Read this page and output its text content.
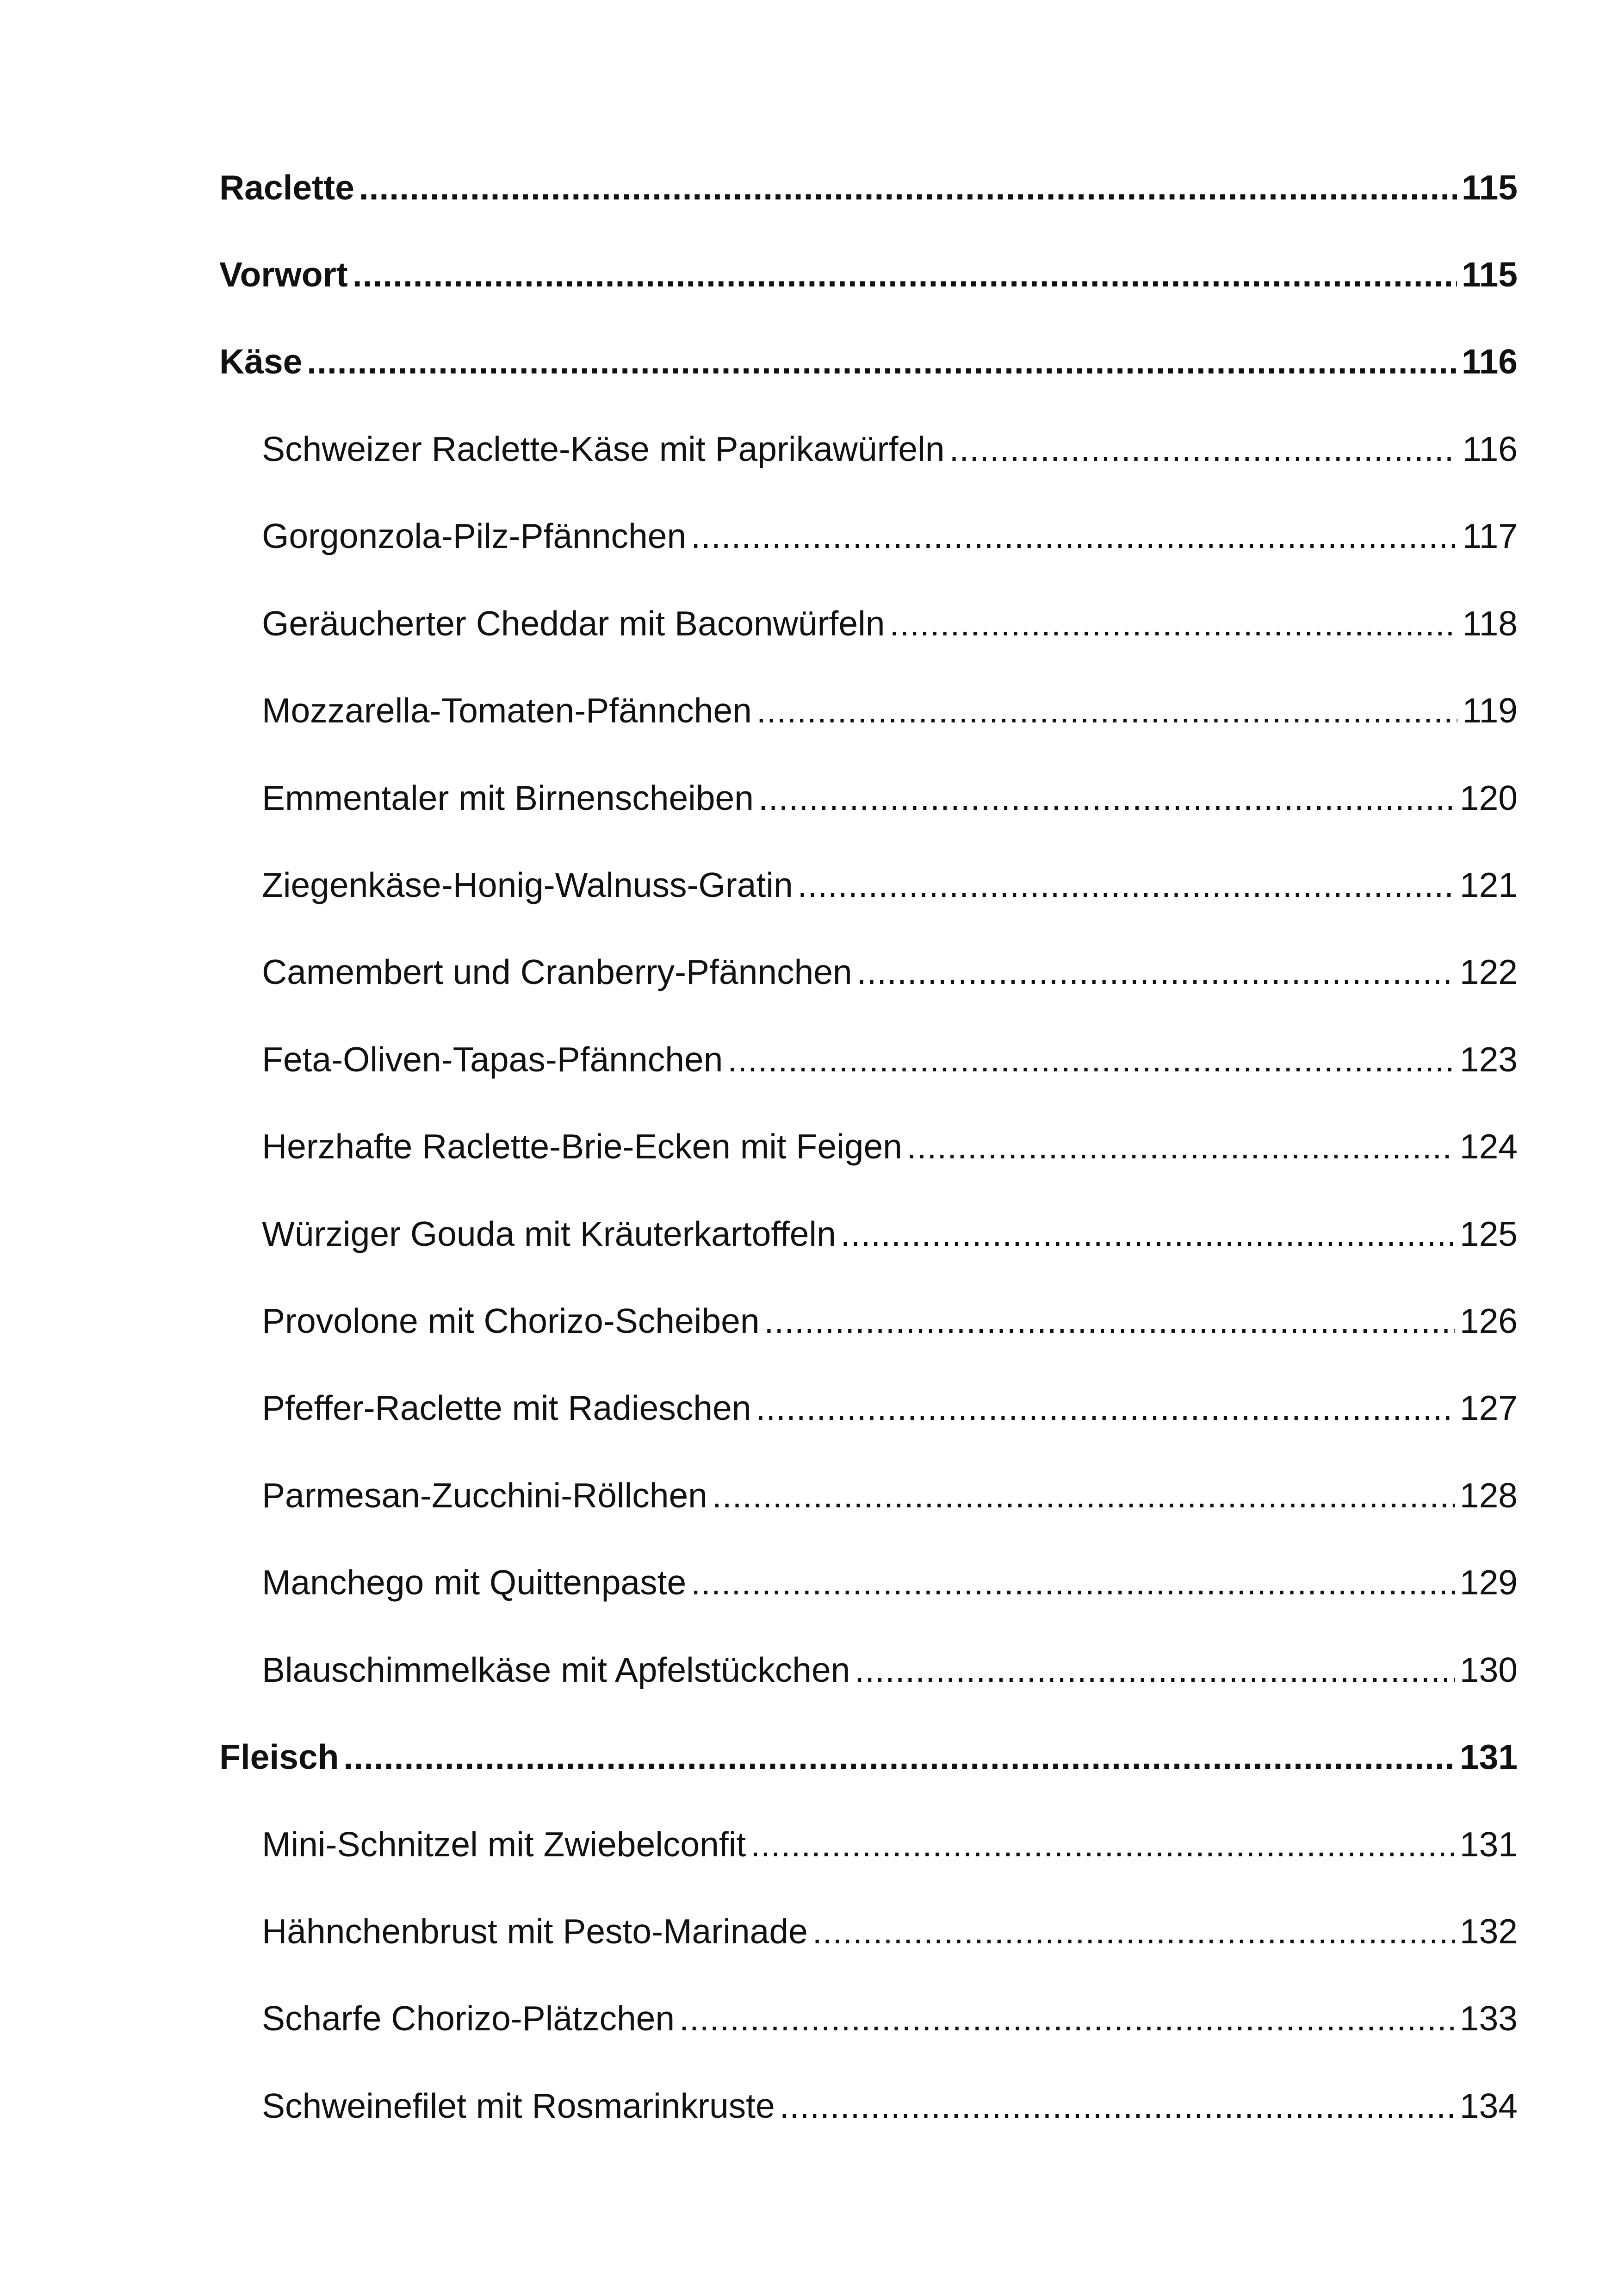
Raclette .....	115
Vorwort .....	115
Käse .....	116
Schweizer Raclette-Käse mit Paprikawürfeln .....	116
Gorgonzola-Pilz-Pfännchen .....	117
Geräucherter Cheddar mit Baconwürfeln .....	118
Mozzarella-Tomaten-Pfännchen .....	119
Emmentaler mit Birnenscheiben .....	120
Ziegenkäse-Honig-Walnuss-Gratin .....	121
Camembert und Cranberry-Pfännchen .....	122
Feta-Oliven-Tapas-Pfännchen .....	123
Herzhafte Raclette-Brie-Ecken mit Feigen .....	124
Würziger Gouda mit Kräuterkartoffeln .....	125
Provolone mit Chorizo-Scheiben .....	126
Pfeffer-Raclette mit Radieschen .....	127
Parmesan-Zucchini-Röllchen .....	128
Manchego mit Quittenpaste .....	129
Blauschimmelkäse mit Apfelstückchen .....	130
Fleisch .....	131
Mini-Schnitzel mit Zwiebelconfit .....	131
Hähnchenbrust mit Pesto-Marinade .....	132
Scharfe Chorizo-Plätzchen .....	133
Schweinefilet mit Rosmarinkruste .....	134
